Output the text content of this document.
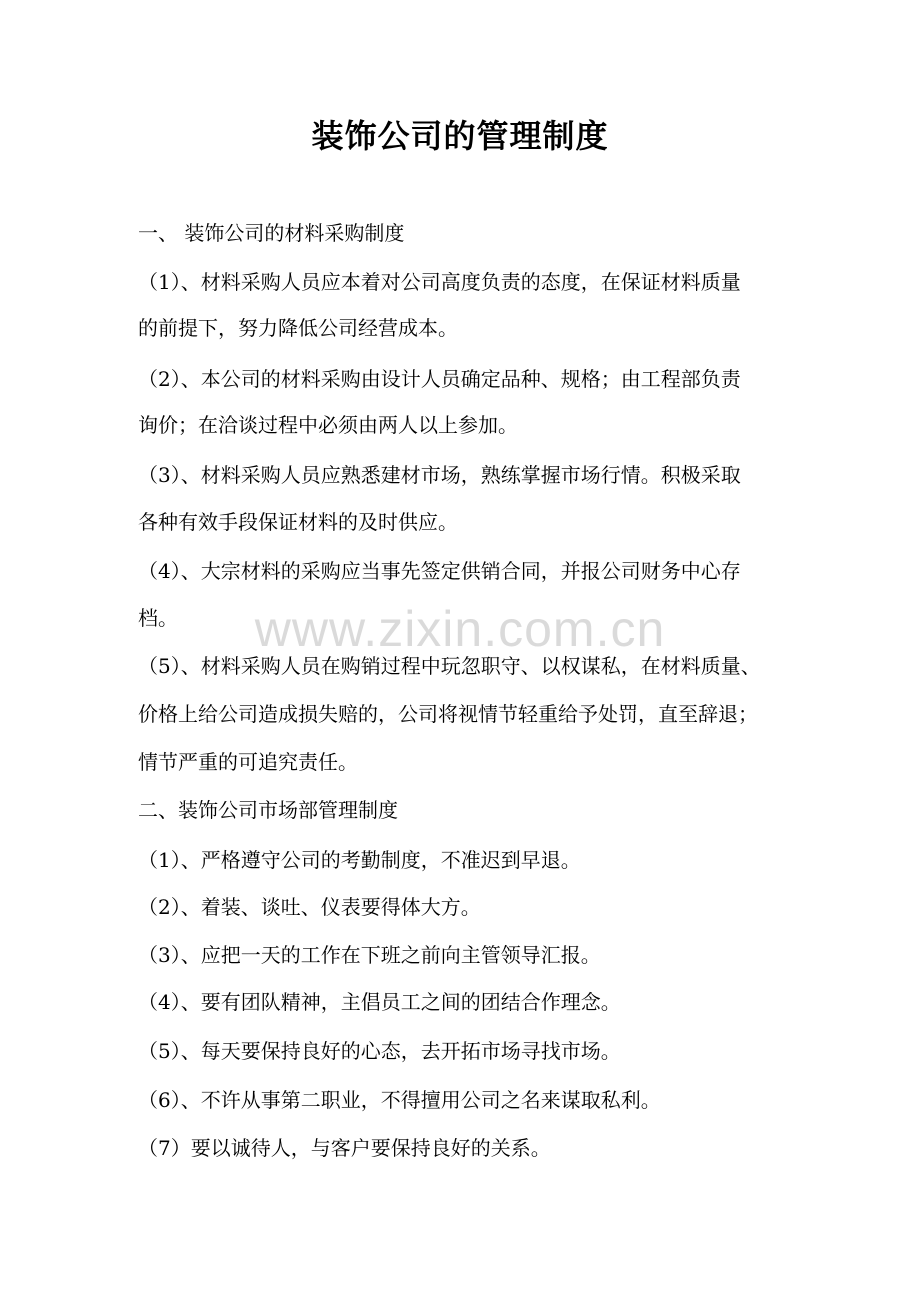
装饰公司的管理制度
一、 装饰公司的材料采购制度
（1）、材料采购人员应本着对公司高度负责的态度，在保证材料质量
的前提下，努力降低公司经营成本。
（2）、本公司的材料采购由设计人员确定品种、规格；由工程部负责
询价；在洽谈过程中必须由两人以上参加。
（3）、材料采购人员应熟悉建材市场，熟练掌握市场行情。积极采取
各种有效手段保证材料的及时供应。
（4）、大宗材料的采购应当事先签定供销合同，并报公司财务中心存
档。
（5）、材料采购人员在购销过程中玩忽职守、以权谋私，在材料质量、
价格上给公司造成损失赔的，公司将视情节轻重给予处罚，直至辞退；
情节严重的可追究责任。
二、装饰公司市场部管理制度
（1）、严格遵守公司的考勤制度，不准迟到早退。
（2）、着装、谈吐、仪表要得体大方。
（3）、应把一天的工作在下班之前向主管领导汇报。
（4）、要有团队精神，主倡员工之间的团结合作理念。
（5）、每天要保持良好的心态，去开拓市场寻找市场。
（6）、不许从事第二职业，不得擅用公司之名来谋取私利。
（7）要以诚待人，与客户要保持良好的关系。
www.zixin.com.cn
